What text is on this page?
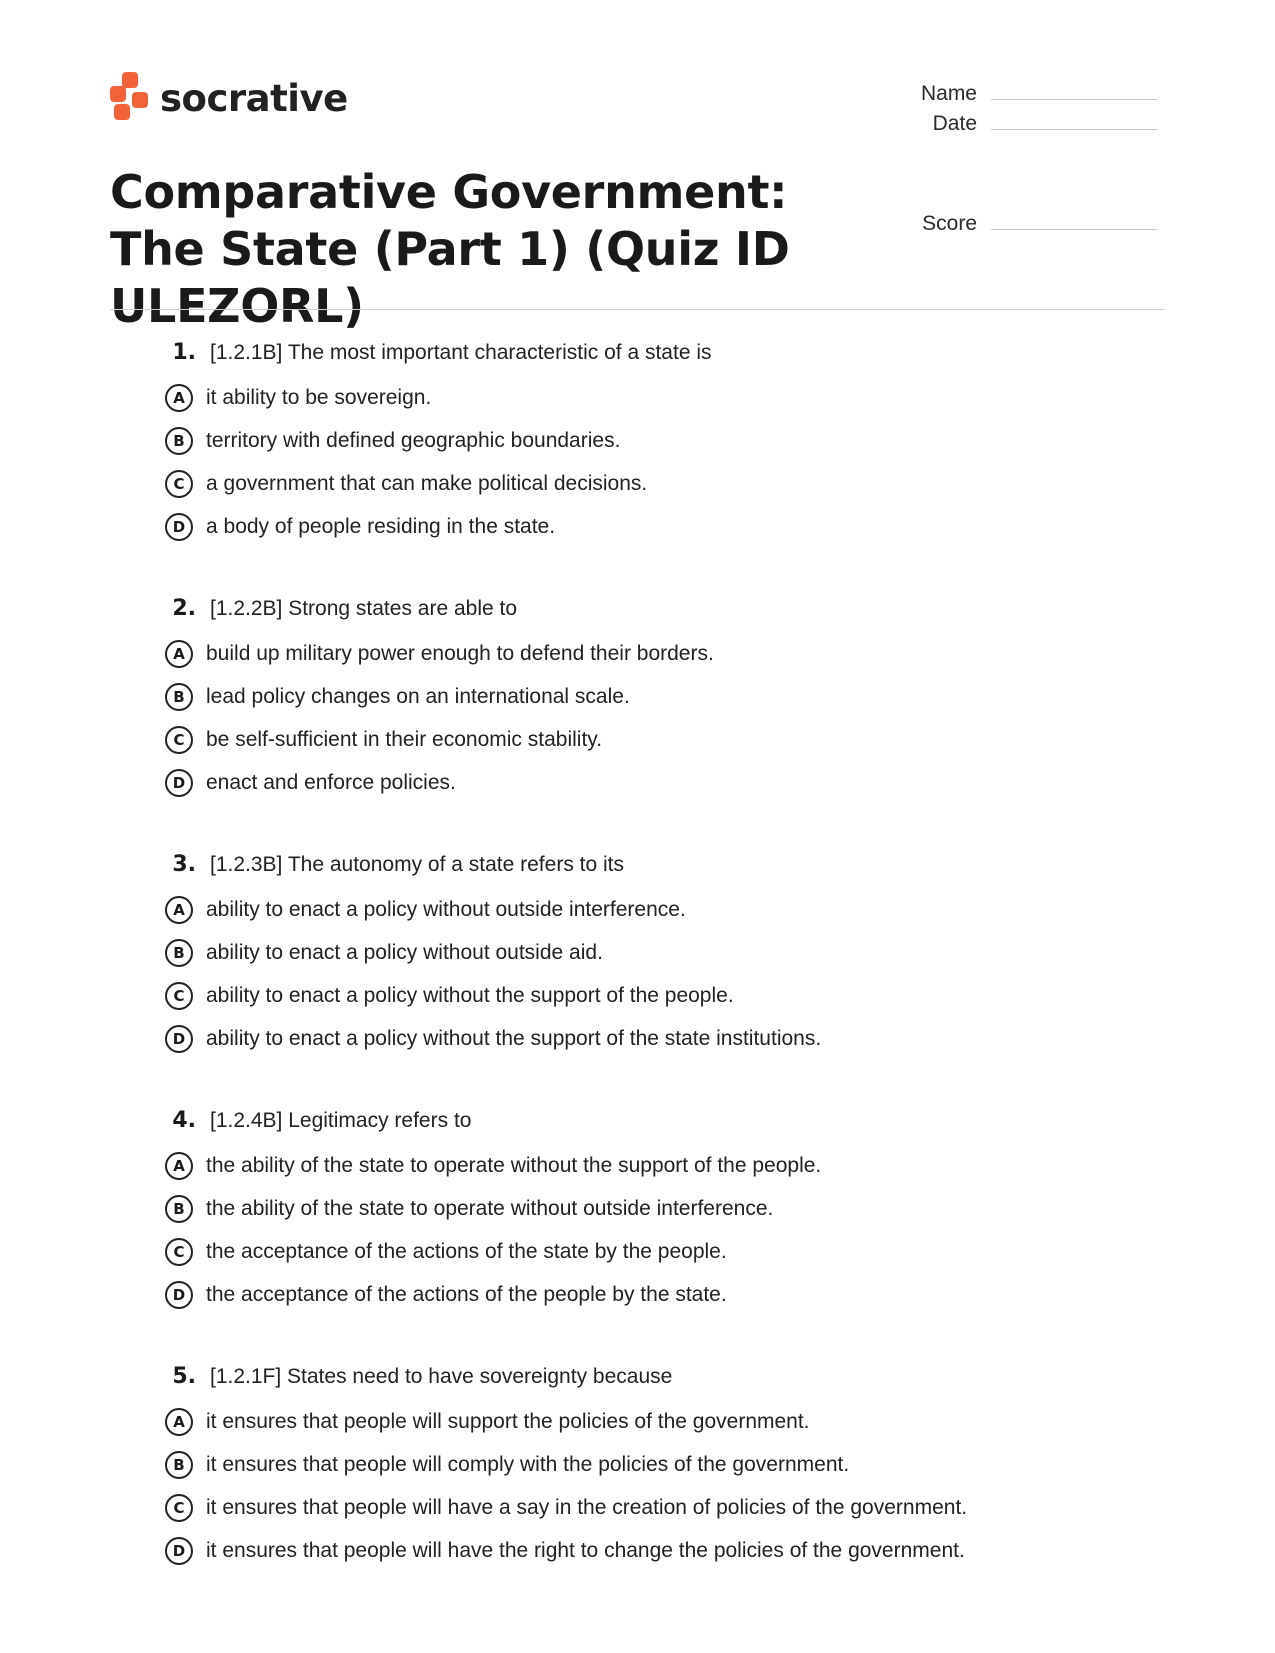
socrative	Name
Date
Score
Comparative Government: The State (Part 1) (Quiz ID ULEZORL)
1. [1.2.1B] The most important characteristic of a state is
A	it ability to be sovereign.
B	territory with defined geographic boundaries.
C	a government that can make political decisions.
D a body of people residing in the state.
2. [1.2.2B] Strong states are able to
A	build up military power enough to defend their borders.
B	lead policy changes on an international scale.
C	be self-sufficient in their economic stability.
D enact and enforce policies.
3. [1.2.3B] The autonomy of a state refers to its
A	ability to enact a policy without outside interference.
B	ability to enact a policy without outside aid.
C	ability to enact a policy without the support of the people.
D ability to enact a policy without the support of the state institutions.
4. [1.2.4B] Legitimacy refers to
A	the ability of the state to operate without the support of the people.
B	the ability of the state to operate without outside interference.
C	the acceptance of the actions of the state by the people.
D the acceptance of the actions of the people by the state.
5. [1.2.1F] States need to have sovereignty because
A	it ensures that people will support the policies of the government.
B	it ensures that people will comply with the policies of the government.
C	it ensures that people will have a say in the creation of policies of the government.
D it ensures that people will have the right to change the policies of the government.
